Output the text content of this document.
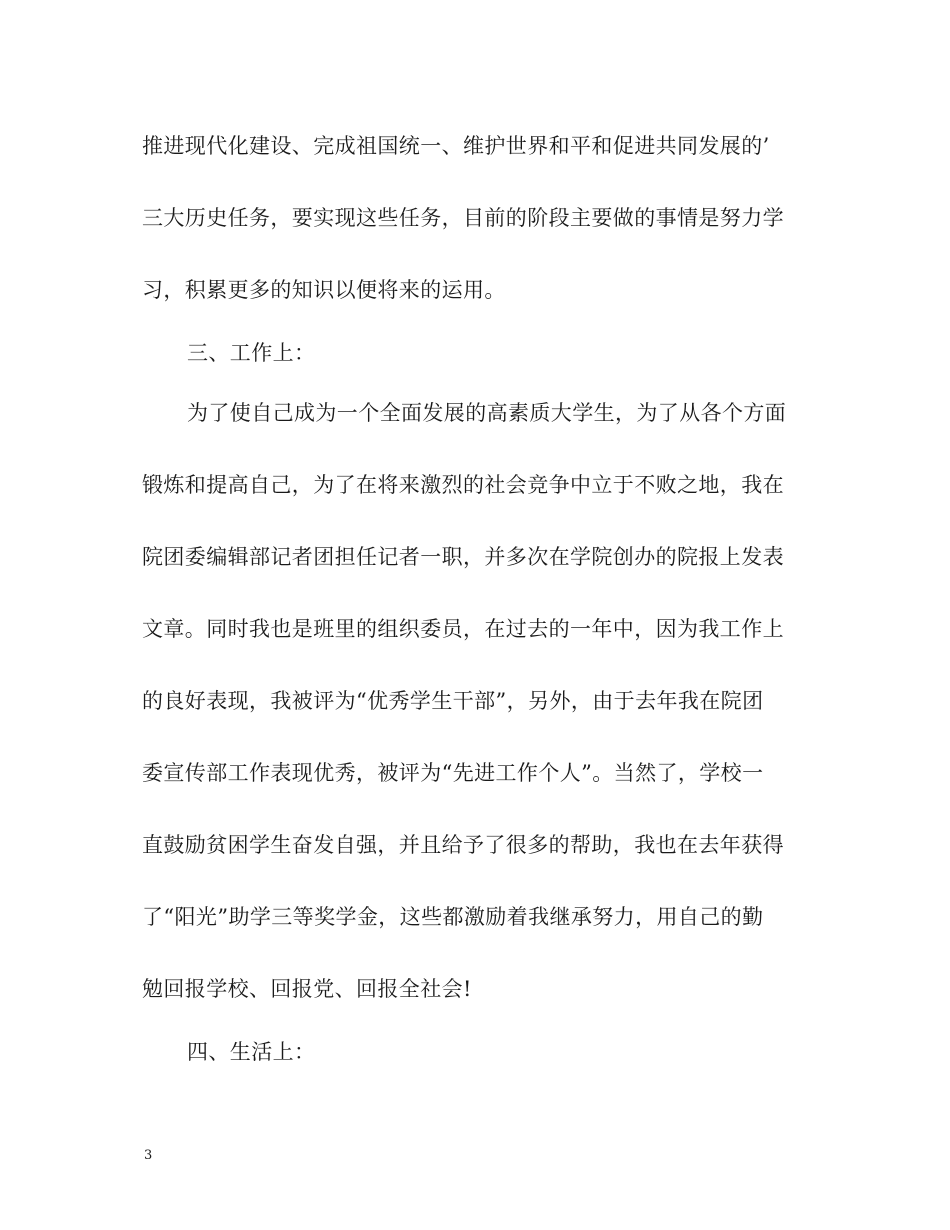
推进现代化建设、完成祖国统一、维护世界和平和促进共同发展的’
三大历史任务，要实现这些任务，目前的阶段主要做的事情是努力学
习，积累更多的知识以便将来的运用。
三、工作上：
为了使自己成为一个全面发展的高素质大学生，为了从各个方面
锻炼和提高自己，为了在将来激烈的社会竞争中立于不败之地，我在
院团委编辑部记者团担任记者一职，并多次在学院创办的院报上发表
文章。同时我也是班里的组织委员，在过去的一年中，因为我工作上
的良好表现，我被评为“优秀学生干部”，另外，由于去年我在院团
委宣传部工作表现优秀，被评为“先进工作个人”。当然了，学校一
直鼓励贫困学生奋发自强，并且给予了很多的帮助，我也在去年获得
了“阳光”助学三等奖学金，这些都激励着我继承努力，用自己的勤
勉回报学校、回报党、回报全社会!
四、生活上：
3
